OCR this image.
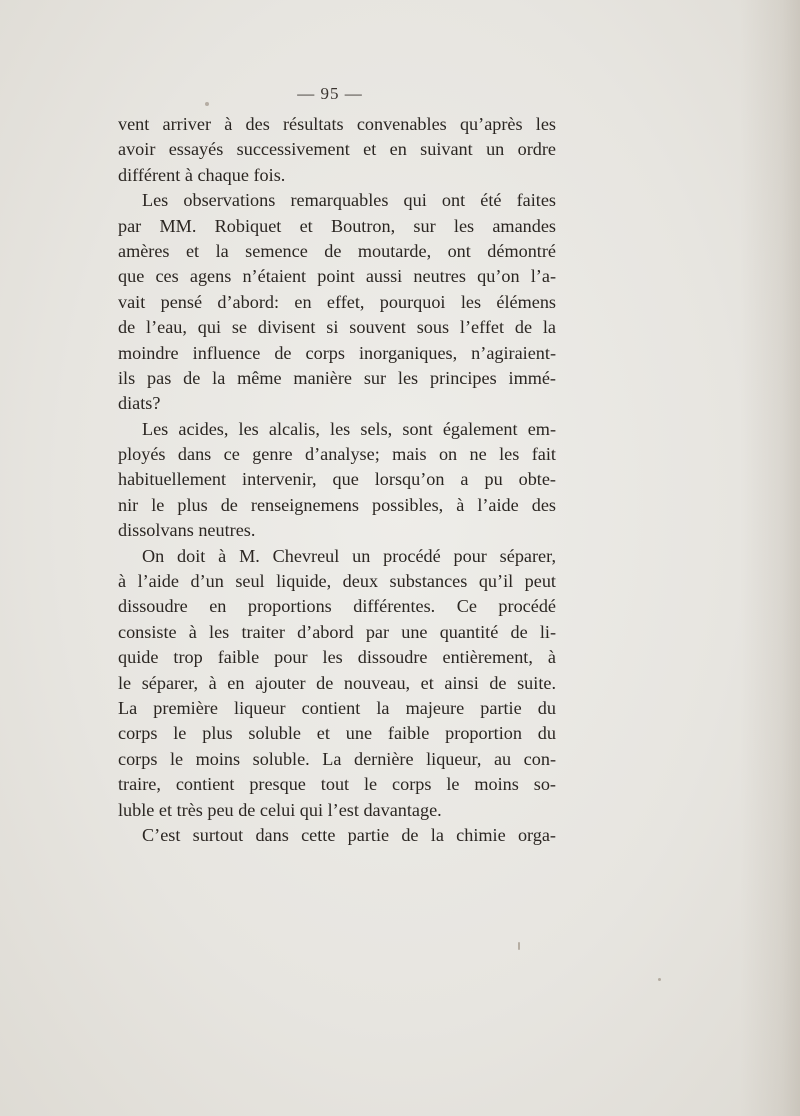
— 95 —
vent arriver à des résultats convenables qu’après les
avoir essayés successivement et en suivant un ordre
différent à chaque fois.
Les observations remarquables qui ont été faites
par MM. Robiquet et Boutron, sur les amandes
amères et la semence de moutarde, ont démontré
que ces agens n’étaient point aussi neutres qu’on l’a-
vait pensé d’abord: en effet, pourquoi les élémens
de l’eau, qui se divisent si souvent sous l’effet de la
moindre influence de corps inorganiques, n’agiraient-
ils pas de la même manière sur les principes immé-
diats?
Les acides, les alcalis, les sels, sont également em-
ployés dans ce genre d’analyse; mais on ne les fait
habituellement intervenir, que lorsqu’on a pu obte-
nir le plus de renseignemens possibles, à l’aide des
dissolvans neutres.
On doit à M. Chevreul un procédé pour séparer,
à l’aide d’un seul liquide, deux substances qu’il peut
dissoudre en proportions différentes. Ce procédé
consiste à les traiter d’abord par une quantité de li-
quide trop faible pour les dissoudre entièrement, à
le séparer, à en ajouter de nouveau, et ainsi de suite.
La première liqueur contient la majeure partie du
corps le plus soluble et une faible proportion du
corps le moins soluble. La dernière liqueur, au con-
traire, contient presque tout le corps le moins so-
luble et très peu de celui qui l’est davantage.
C’est surtout dans cette partie de la chimie orga-
